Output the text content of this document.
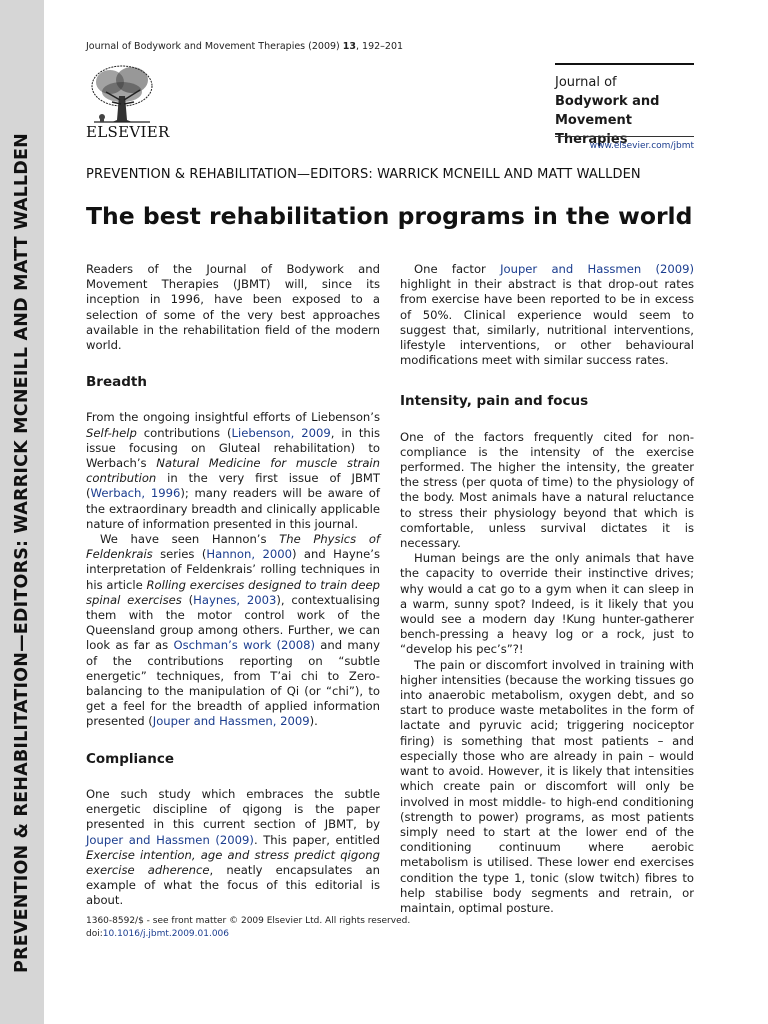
PREVENTION & REHABILITATION—EDITORS: WARRICK MCNEILL AND MATT WALLDEN
Journal of Bodywork and Movement Therapies (2009) 13, 192–201
ELSEVIER
Journal of
Bodywork and
Movement Therapies
www.elsevier.com/jbmt
PREVENTION & REHABILITATION—EDITORS: WARRICK MCNEILL AND MATT WALLDEN
The best rehabilitation programs in the world

Readers of the Journal of Bodywork and Movement Therapies (JBMT) will, since its inception in 1996, have been exposed to a selection of some of the very best approaches available in the rehabilitation field of the modern world.

Breadth

From the ongoing insightful efforts of Liebenson’s Self-help contributions (Liebenson, 2009, in this issue focusing on Gluteal rehabilitation) to Werbach’s Natural Medicine for muscle strain contribution in the very first issue of JBMT (Werbach, 1996); many readers will be aware of the extraordinary breadth and clinically applicable nature of information presented in this journal.

We have seen Hannon’s The Physics of Feldenkrais series (Hannon, 2000) and Hayne’s interpretation of Feldenkrais’ rolling techniques in his article Rolling exercises designed to train deep spinal exercises (Haynes, 2003), contextualising them with the motor control work of the Queensland group among others. Further, we can look as far as Oschman’s work (2008) and many of the contributions reporting on “subtle energetic” techniques, from T’ai chi to Zero-balancing to the manipulation of Qi (or “chi”), to get a feel for the breadth of applied information presented (Jouper and Hassmen, 2009).

Compliance

One such study which embraces the subtle energetic discipline of qigong is the paper presented in this current section of JBMT, by Jouper and Hassmen (2009). This paper, entitled Exercise intention, age and stress predict qigong exercise adherence, neatly encapsulates an example of what the focus of this editorial is about.

One factor Jouper and Hassmen (2009) highlight in their abstract is that drop-out rates from exercise have been reported to be in excess of 50%. Clinical experience would seem to suggest that, similarly, nutritional interventions, lifestyle interventions, or other behavioural modifications meet with similar success rates.

Intensity, pain and focus

One of the factors frequently cited for non-compliance is the intensity of the exercise performed. The higher the intensity, the greater the stress (per quota of time) to the physiology of the body. Most animals have a natural reluctance to stress their physiology beyond that which is comfortable, unless survival dictates it is necessary.

Human beings are the only animals that have the capacity to override their instinctive drives; why would a cat go to a gym when it can sleep in a warm, sunny spot? Indeed, is it likely that you would see a modern day !Kung hunter-gatherer bench-pressing a heavy log or a rock, just to “develop his pec’s”?!

The pain or discomfort involved in training with higher intensities (because the working tissues go into anaerobic metabolism, oxygen debt, and so start to produce waste metabolites in the form of lactate and pyruvic acid; triggering nociceptor firing) is something that most patients – and especially those who are already in pain – would want to avoid. However, it is likely that intensities which create pain or discomfort will only be involved in most middle- to high-end conditioning (strength to power) programs, as most patients simply need to start at the lower end of the conditioning continuum where aerobic metabolism is utilised. These lower end exercises condition the type 1, tonic (slow twitch) fibres to help stabilise body segments and retrain, or maintain, optimal posture.

1360-8592/$ - see front matter © 2009 Elsevier Ltd. All rights reserved.
doi:10.1016/j.jbmt.2009.01.006
